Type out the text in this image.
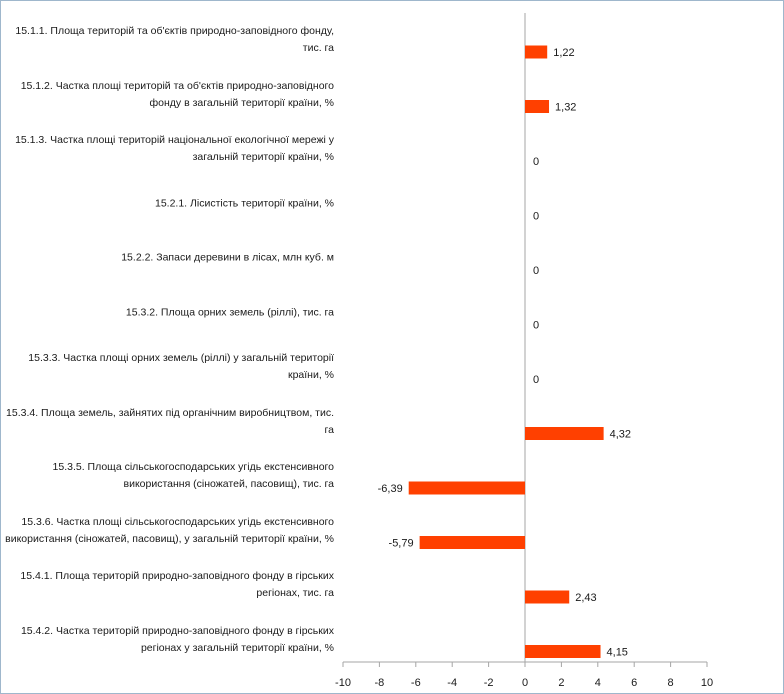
-10 -8 -6 -4 -2	0	2	4	6	8 10
1,22
1,32
0
0
0
0
0
4,32
-6,39
-5,79
2,43
4,15
15.1.1. Площа територій та об'єктів природно-заповідного фонду, тис. га
15.1.2. Частка площі територій та об'єктів природно-заповідного фонду в загальній території країни, %
15.1.3. Частка площі територій національної екологічної мережі у загальній території країни, %
15.2.1. Лісистість території країни, %
15.2.2. Запаси деревини в лісах, млн куб. м
15.3.2. Площа орних земель (ріллі), тис. га
15.3.3. Частка площі орних земель (ріллі) у загальній території країни, %
15.3.4. Площа земель, зайнятих під органічним виробництвом, тис. га
15.3.5. Площа сільськогосподарських угідь екстенсивного використання (сіножатей, пасовищ), тис. га
15.3.6. Частка площі сільськогосподарських угідь екстенсивного використання (сіножатей, пасовищ), у загальній території країни, %
15.4.1. Площа територій природно-заповідного фонду в гірських регіонах, тис. га
15.4.2. Частка територій природно-заповідного фонду в гірських регіонах у загальній території країни, %
